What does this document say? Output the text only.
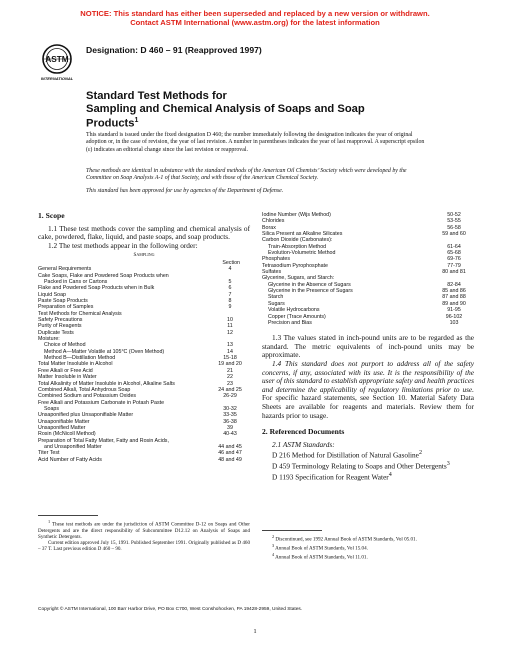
NOTICE: This standard has either been superseded and replaced by a new version or withdrawn.
Contact ASTM International (www.astm.org) for the latest information
ASTM
INTERNATIONAL
Designation: D 460 – 91 (Reapproved 1997)
Standard Test Methods for
Sampling and Chemical Analysis of Soaps and Soap
Products$^1$
This standard is issued under the fixed designation D 460; the number immediately following the designation indicates the year of original adoption or, in the case of revision, the year of last revision. A number in parentheses indicates the year of last reapproval. A superscript epsilon (ε) indicates an editorial change since the last revision or reapproval.
These methods are identical in substance with the standard methods of the American Oil Chemists’ Society which were developed by the Committee on Soap Analysis A-1 of that Society, and with those of the American Chemical Society.
This standard has been approved for use by agencies of the Department of Defense.
1. Scope
1.1 These test methods cover the sampling and chemical analysis of cake, powdered, flake, liquid, and paste soaps, and soap products.
1.2 The test methods appear in the following order:
Sampling
Section
General Requirements	4
Cake Soaps, Flake and Powdered Soap Products when
Packed in Cans or Cartons	5
Flake and Powdered Soap Products when in Bulk	6
Liquid Soap	7
Paste Soap Products	8
Preparation of Samples	9
Test Methods for Chemical Analysis
Safety Precautions	10
Purity of Reagents	11
Duplicate Tests	12
Moisture:
Choice of Method	13
Method A—Matter Volatile at 105°C (Oven Method)	14
Method B—Distillation Method	15-18
Total Matter Insoluble in Alcohol	19 and 20
Free Alkali or Free Acid	21
Matter Insoluble in Water	22
Total Alkalinity of Matter Insoluble in Alcohol, Alkaline Salts	23
Combined Alkali, Total Anhydrous Soap	24 and 25
Combined Sodium and Potassium Oxides	26-29
Free Alkali and Potassium Carbonate in Potash Paste
Soaps	30-32
Unsaponified plus Unsaponifiable Matter	33-35
Unsaponifiable Matter	36-38
Unsaponified Matter	39
Rosin (McNicoll Method)	40-43
Preparation of Total Fatty Matter, Fatty and Rosin Acids,
and Unsaponified Matter	44 and 45
Titer Test	46 and 47
Acid Number of Fatty Acids	48 and 49
$^1$ These test methods are under the jurisdiction of ASTM Committee D-12 on Soaps and Other Detergents and are the direct responsibility of Subcommittee D12.12 on Analysis of Soaps and Synthetic Detergents.
Current edition approved July 15, 1991. Published September 1991. Originally published as D 460 – 37 T. Last previous edition D 460 – 90.
Iodine Number (Wijs Method)	50-52
Chlorides	53-55
Borax	56-58
Silica Present as Alkaline Silicates	59 and 60
Carbon Dioxide (Carbonates):
Train-Absorption Method	61-64
Evolution-Volumetric Method	65-68
Phosphates	69-76
Tetrasodium Pyrophosphate	77-79
Sulfates	80 and 81
Glycerine, Sugars, and Starch:
Glycerine in the Absence of Sugars	82-84
Glycerine in the Presence of Sugars	85 and 86
Starch	87 and 88
Sugars	89 and 90
Volatile Hydrocarbons	91-95
Copper (Trace Amounts)	96-102
Precision and Bias	103
1.3 The values stated in inch-pound units are to be regarded as the standard. The metric equivalents of inch-pound units may be approximate.
1.4 This standard does not purport to address all of the safety concerns, if any, associated with its use. It is the responsibility of the user of this standard to establish appropriate safety and health practices and determine the applicability of regulatory limitations prior to use. For specific hazard statements, see Section 10. Material Safety Data Sheets are available for reagents and materials. Review them for hazards prior to usage.
2. Referenced Documents
2.1 ASTM Standards:
D 216 Method for Distillation of Natural Gasoline$^2$
D 459 Terminology Relating to Soaps and Other Detergents$^3$
D 1193 Specification for Reagent Water$^4$
$^2$ Discontinued, see 1992 Annual Book of ASTM Standards, Vol 05.01.
$^3$ Annual Book of ASTM Standards, Vol 15.04.
$^4$ Annual Book of ASTM Standards, Vol 11.01.
Copyright © ASTM International, 100 Barr Harbor Drive, PO Box C700, West Conshohocken, PA 19428-2959, United States.
1
